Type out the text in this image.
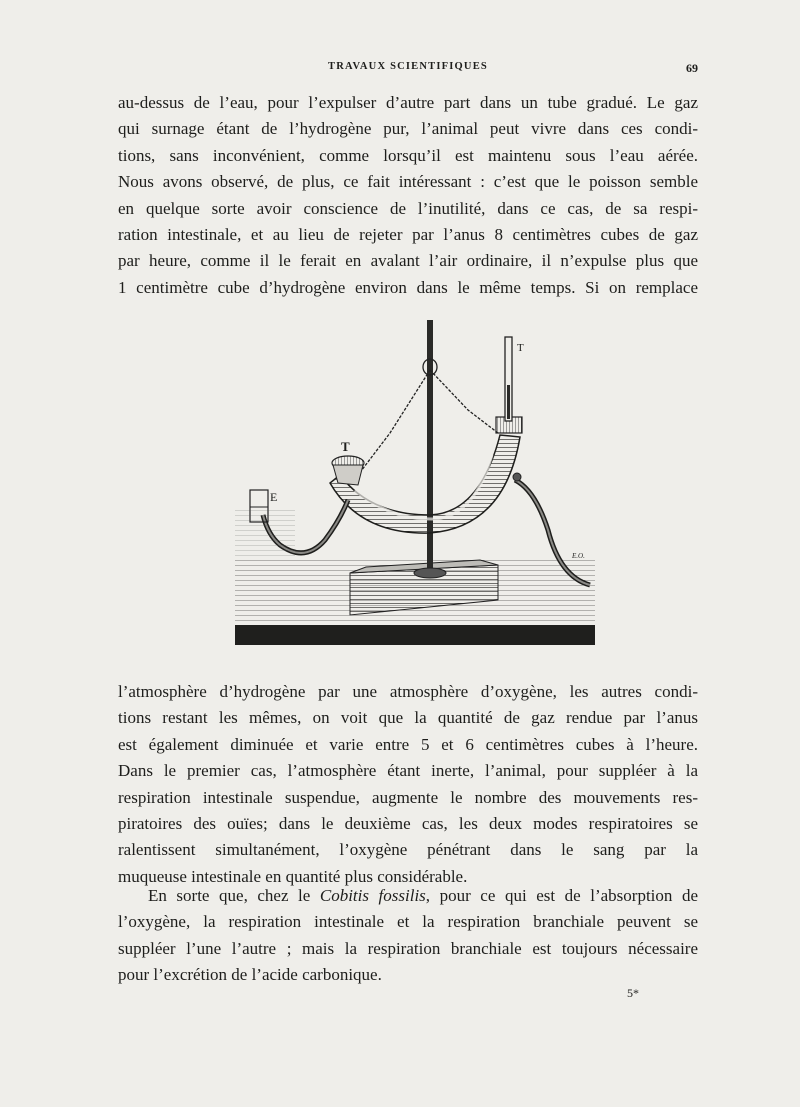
TRAVAUX SCIENTIFIQUES	69
au-dessus de l’eau, pour l’expulser d’autre part dans un tube gradué. Le gaz
qui surnage étant de l’hydrogène pur, l’animal peut vivre dans ces condi-
tions, sans inconvénient, comme lorsqu’il est maintenu sous l’eau aérée.
Nous avons observé, de plus, ce fait intéressant : c’est que le poisson semble
en quelque sorte avoir conscience de l’inutilité, dans ce cas, de sa respi-
ration intestinale, et au lieu de rejeter par l’anus 8 centimètres cubes de gaz
par heure, comme il le ferait en avalant l’air ordinaire, il n’expulse plus que
1 centimètre cube d’hydrogène environ dans le même temps. Si on remplace
T
T
E
E.O.
l’atmosphère d’hydrogène par une atmosphère d’oxygène, les autres condi-
tions restant les mêmes, on voit que la quantité de gaz rendue par l’anus
est également diminuée et varie entre 5 et 6 centimètres cubes à l’heure.
Dans le premier cas, l’atmosphère étant inerte, l’animal, pour suppléer à la
respiration intestinale suspendue, augmente le nombre des mouvements res-
piratoires des ouïes; dans le deuxième cas, les deux modes respiratoires se
ralentissent simultanément, l’oxygène pénétrant dans le sang par la
muqueuse intestinale en quantité plus considérable.
En sorte que, chez le Cobitis fossilis, pour ce qui est de l’absorption de
l’oxygène, la respiration intestinale et la respiration branchiale peuvent se
suppléer l’une l’autre ; mais la respiration branchiale est toujours nécessaire
pour l’excrétion de l’acide carbonique.
5*
